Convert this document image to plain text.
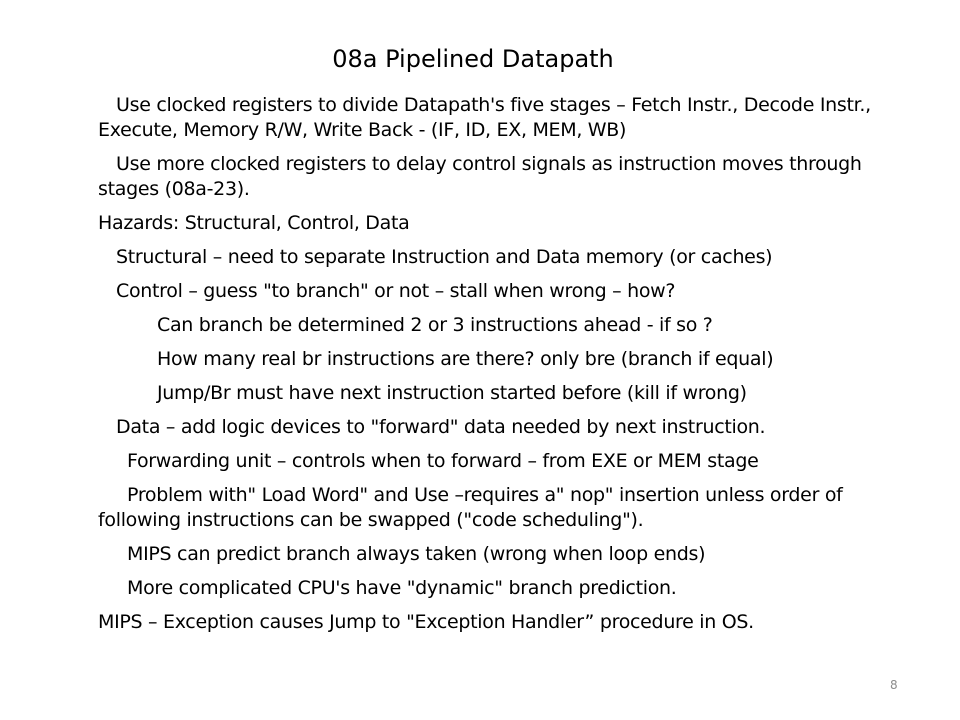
08a Pipelined Datapath

Use clocked registers to divide Datapath's five stages – Fetch Instr., Decode Instr., Execute, Memory R/W, Write Back - (IF, ID, EX, MEM, WB)

Use more clocked registers to delay control signals as instruction moves through stages (08a-23).

Hazards: Structural, Control, Data

Structural – need to separate Instruction and Data memory (or caches)

Control – guess "to branch" or not – stall when wrong – how?

Can branch be determined 2 or 3 instructions ahead - if so ?

How many real br instructions are there? only bre (branch if equal)

Jump/Br must have next instruction started before (kill if wrong)

Data – add logic devices to "forward" data needed by next instruction.

Forwarding unit – controls when to forward – from EXE or MEM stage

Problem with" Load Word" and Use –requires a" nop" insertion unless order of following instructions can be swapped ("code scheduling").

MIPS can predict branch always taken (wrong when loop ends)

More complicated CPU's have "dynamic" branch prediction.

MIPS – Exception causes Jump to "Exception Handler” procedure in OS.

8
